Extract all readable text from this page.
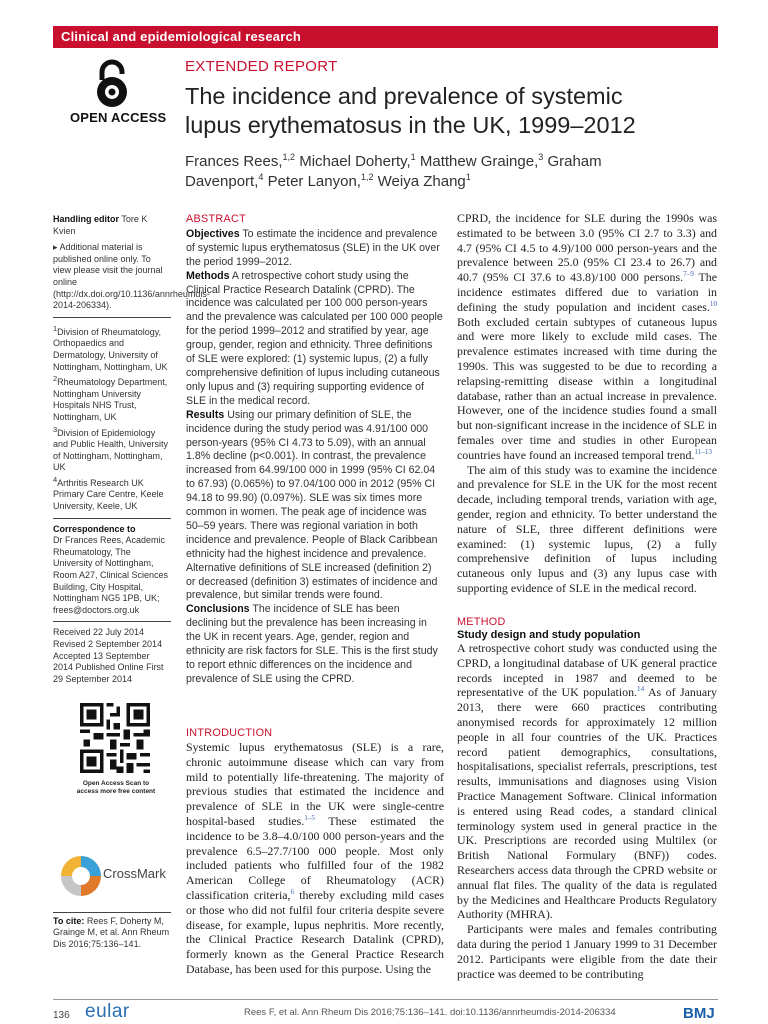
Clinical and epidemiological research
OPEN ACCESS
EXTENDED REPORT
The incidence and prevalence of systemic lupus erythematosus in the UK, 1999–2012
Frances Rees,$^{1,2}$ Michael Doherty,$^1$ Matthew Grainge,$^3$ Graham Davenport,$^4$ Peter Lanyon,$^{1,2}$ Weiya Zhang$^1$

Handling editor Tore K Kvien

▸ Additional material is published online only. To view please visit the journal online (http://dx.doi.org/10.1136/annrheumdis-2014-206334).

$^1$Division of Rheumatology, Orthopaedics and Dermatology, University of Nottingham, Nottingham, UK

$^2$Rheumatology Department, Nottingham University Hospitals NHS Trust, Nottingham, UK

$^3$Division of Epidemiology and Public Health, University of Nottingham, Nottingham, UK

$^4$Arthritis Research UK Primary Care Centre, Keele University, Keele, UK

Correspondence to
Dr Frances Rees, Academic Rheumatology, The University of Nottingham, Room A27, Clinical Sciences Building, City Hospital, Nottingham NG5 1PB, UK; frees@doctors.org.uk

Received 22 July 2014 Revised 2 September 2014 Accepted 13 September 2014 Published Online First 29 September 2014

Open Access Scan to access more free content
CrossMark
To cite: Rees F, Doherty M, Grainge M, et al. Ann Rheum Dis 2016;75:136–141.
ABSTRACT

Objectives To estimate the incidence and prevalence of systemic lupus erythematosus (SLE) in the UK over the period 1999–2012.

Methods A retrospective cohort study using the Clinical Practice Research Datalink (CPRD). The incidence was calculated per 100 000 person-years and the prevalence was calculated per 100 000 people for the period 1999–2012 and stratified by year, age group, gender, region and ethnicity. Three definitions of SLE were explored: (1) systemic lupus, (2) a fully comprehensive definition of lupus including cutaneous only lupus and (3) requiring supporting evidence of SLE in the medical record.

Results Using our primary definition of SLE, the incidence during the study period was 4.91/100 000 person-years (95% CI 4.73 to 5.09), with an annual 1.8% decline (p<0.001). In contrast, the prevalence increased from 64.99/100 000 in 1999 (95% CI 62.04 to 67.93) (0.065%) to 97.04/100 000 in 2012 (95% CI 94.18 to 99.90) (0.097%). SLE was six times more common in women. The peak age of incidence was 50–59 years. There was regional variation in both incidence and prevalence. People of Black Caribbean ethnicity had the highest incidence and prevalence. Alternative definitions of SLE increased (definition 2) or decreased (definition 3) estimates of incidence and prevalence, but similar trends were found.

Conclusions The incidence of SLE has been declining but the prevalence has been increasing in the UK in recent years. Age, gender, region and ethnicity are risk factors for SLE. This is the first study to report ethnic differences on the incidence and prevalence of SLE using the CPRD.

INTRODUCTION

Systemic lupus erythematosus (SLE) is a rare, chronic autoimmune disease which can vary from mild to potentially life-threatening. The majority of previous studies that estimated the incidence and prevalence of SLE in the UK were single-centre hospital-based studies.$^{1-5}$ These estimated the incidence to be 3.8–4.0/100 000 person-years and the prevalence 6.5–27.7/100 000 people. Most only included patients who fulfilled four of the 1982 American College of Rheumatology (ACR) classification criteria,$^6$ thereby excluding mild cases or those who did not fulfil four criteria despite severe disease, for example, lupus nephritis. More recently, the Clinical Practice Research Datalink (CPRD), formerly known as the General Practice Research Database, has been used for this purpose. Using the

CPRD, the incidence for SLE during the 1990s was estimated to be between 3.0 (95% CI 2.7 to 3.3) and 4.7 (95% CI 4.5 to 4.9)/100 000 person-years and the prevalence between 25.0 (95% CI 23.4 to 26.7) and 40.7 (95% CI 37.6 to 43.8)/100 000 persons.$^{7-9}$ The incidence estimates differed due to variation in defining the study population and incident cases.$^{10}$ Both excluded certain subtypes of cutaneous lupus and were more likely to exclude mild cases. The prevalence estimates increased with time during the 1990s. This was suggested to be due to recording a relapsing-remitting disease within a longitudinal database, rather than an actual increase in prevalence. However, one of the incidence studies found a small but non-significant increase in the incidence of SLE in females over time and studies in other European countries have found an increased temporal trend.$^{11-13}$

The aim of this study was to examine the incidence and prevalence for SLE in the UK for the most recent decade, including temporal trends, variation with age, gender, region and ethnicity. To better understand the nature of SLE, three different definitions were examined: (1) systemic lupus, (2) a fully comprehensive definition of lupus including cutaneous only lupus and (3) any lupus case with supporting evidence of SLE in the medical record.

METHOD
Study design and study population

A retrospective cohort study was conducted using the CPRD, a longitudinal database of UK general practice records incepted in 1987 and deemed to be representative of the UK population.$^{14}$ As of January 2013, there were 660 practices contributing anonymised records for approximately 12 million people in all four countries of the UK. Practices record patient demographics, consultations, hospitalisations, specialist referrals, prescriptions, test results, immunisations and diagnoses using Vision Practice Management Software. Clinical information is entered using Read codes, a standard clinical terminology system used in general practice in the UK. Prescriptions are recorded using Multilex (or British National Formulary (BNF)) codes. Researchers access data through the CPRD website or annual flat files. The quality of the data is regulated by the Medicines and Healthcare Products Regulatory Authority (MHRA).

Participants were males and females contributing data during the period 1 January 1999 to 31 December 2012. Participants were eligible from the date their practice was deemed to be contributing

136 eular	Rees F, et al. Ann Rheum Dis 2016;75:136–141. doi:10.1136/annrheumdis-2014-206334	BMJ
